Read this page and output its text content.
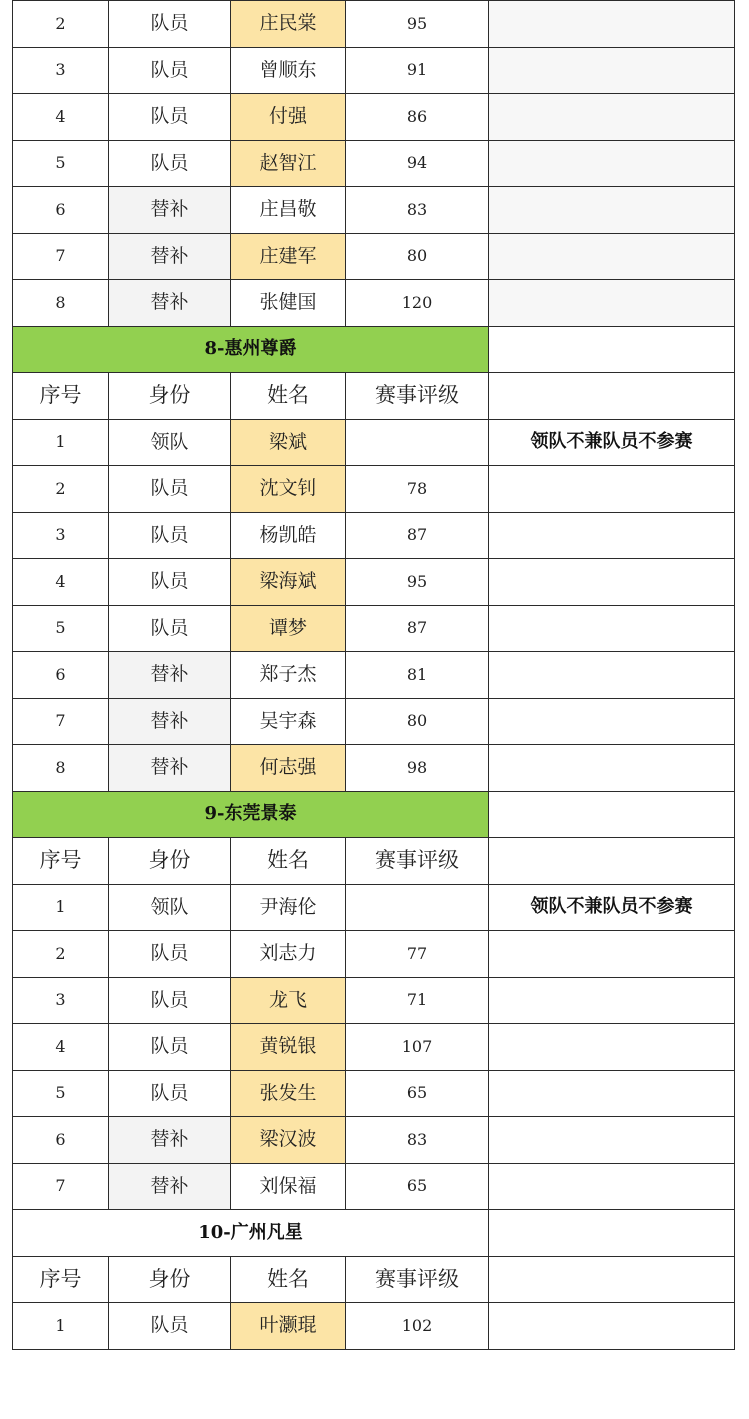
2	队员	庄民棠	95	
3	队员	曾顺东	91	
4	队员	付强	86	
5	队员	赵智江	94	
6	替补	庄昌敬	83	
7	替补	庄建军	80	
8	替补	张健国	120	
8-惠州尊爵				
序号	身份	姓名	赛事评级	
1	领队	梁斌		领队不兼队员不参赛
2	队员	沈文钊	78	
3	队员	杨凯皓	87	
4	队员	梁海斌	95	
5	队员	谭梦	87	
6	替补	郑子杰	81	
7	替补	吴宇森	80	
8	替补	何志强	98	
9-东莞景泰				
序号	身份	姓名	赛事评级	
1	领队	尹海伦		领队不兼队员不参赛
2	队员	刘志力	77	
3	队员	龙飞	71	
4	队员	黄锐银	107	
5	队员	张发生	65	
6	替补	梁汉波	83	
7	替补	刘保福	65	
10-广州凡星				
序号	身份	姓名	赛事评级	
1	队员	叶灏琨	102	
